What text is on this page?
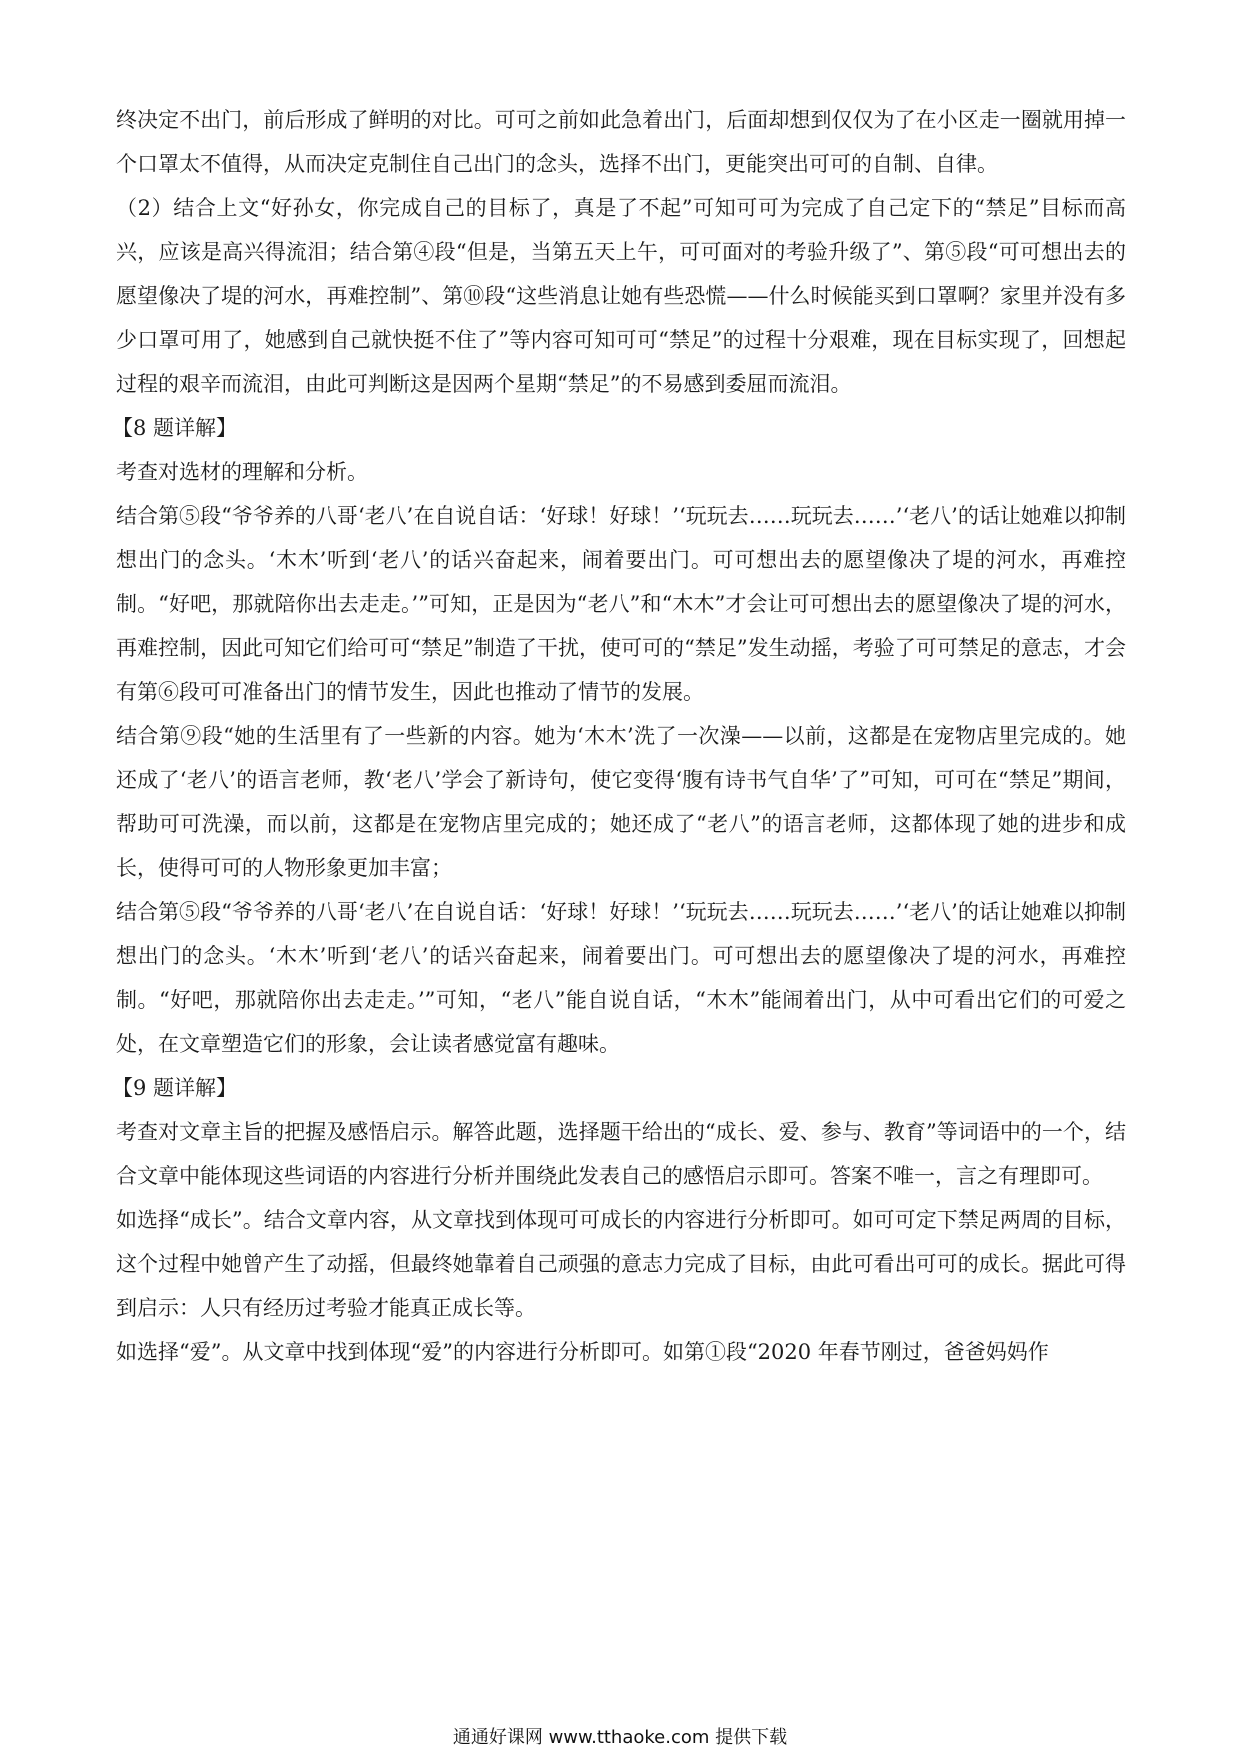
终决定不出门，前后形成了鲜明的对比。可可之前如此急着出门，后面却想到仅仅为了在小区走一圈就用掉一个口罩太不值得，从而决定克制住自己出门的念头，选择不出门，更能突出可可的自制、自律。

（2）结合上文“好孙女，你完成自己的目标了，真是了不起”可知可可为完成了自己定下的“禁足”目标而高兴，应该是高兴得流泪；结合第④段“但是，当第五天上午，可可面对的考验升级了”、第⑤段“可可想出去的愿望像决了堤的河水，再难控制”、第⑩段“这些消息让她有些恐慌——什么时候能买到口罩啊？家里并没有多少口罩可用了，她感到自己就快挺不住了”等内容可知可可“禁足”的过程十分艰难，现在目标实现了，回想起过程的艰辛而流泪，由此可判断这是因两个星期“禁足”的不易感到委屈而流泪。

【8 题详解】

考查对选材的理解和分析。

结合第⑤段“爷爷养的八哥‘老八’在自说自话：‘好球！好球！’‘玩玩去……玩玩去……’‘老八’的话让她难以抑制想出门的念头。‘木木’听到‘老八’的话兴奋起来，闹着要出门。可可想出去的愿望像决了堤的河水，再难控制。“好吧，那就陪你出去走走。’”可知，正是因为“老八”和“木木”才会让可可想出去的愿望像决了堤的河水，再难控制，因此可知它们给可可“禁足”制造了干扰，使可可的“禁足”发生动摇，考验了可可禁足的意志，才会有第⑥段可可准备出门的情节发生，因此也推动了情节的发展。

结合第⑨段“她的生活里有了一些新的内容。她为‘木木’洗了一次澡——以前，这都是在宠物店里完成的。她还成了‘老八’的语言老师，教‘老八’学会了新诗句，使它变得‘腹有诗书气自华’了”可知，可可在“禁足”期间，帮助可可洗澡，而以前，这都是在宠物店里完成的；她还成了“老八”的语言老师，这都体现了她的进步和成长，使得可可的人物形象更加丰富；

结合第⑤段“爷爷养的八哥‘老八’在自说自话：‘好球！好球！’‘玩玩去……玩玩去……’‘老八’的话让她难以抑制想出门的念头。‘木木’听到‘老八’的话兴奋起来，闹着要出门。可可想出去的愿望像决了堤的河水，再难控制。“好吧，那就陪你出去走走。’”可知，“老八”能自说自话，“木木”能闹着出门，从中可看出它们的可爱之处，在文章塑造它们的形象，会让读者感觉富有趣味。

【9 题详解】

考查对文章主旨的把握及感悟启示。解答此题，选择题干给出的“成长、爱、参与、教育”等词语中的一个，结合文章中能体现这些词语的内容进行分析并围绕此发表自己的感悟启示即可。答案不唯一，言之有理即可。

如选择“成长”。结合文章内容，从文章找到体现可可成长的内容进行分析即可。如可可定下禁足两周的目标，这个过程中她曾产生了动摇，但最终她靠着自己顽强的意志力完成了目标，由此可看出可可的成长。据此可得到启示：人只有经历过考验才能真正成长等。

如选择“爱”。从文章中找到体现“爱”的内容进行分析即可。如第①段“2020 年春节刚过，爸爸妈妈作

通通好课网 www.tthaoke.com 提供下载
